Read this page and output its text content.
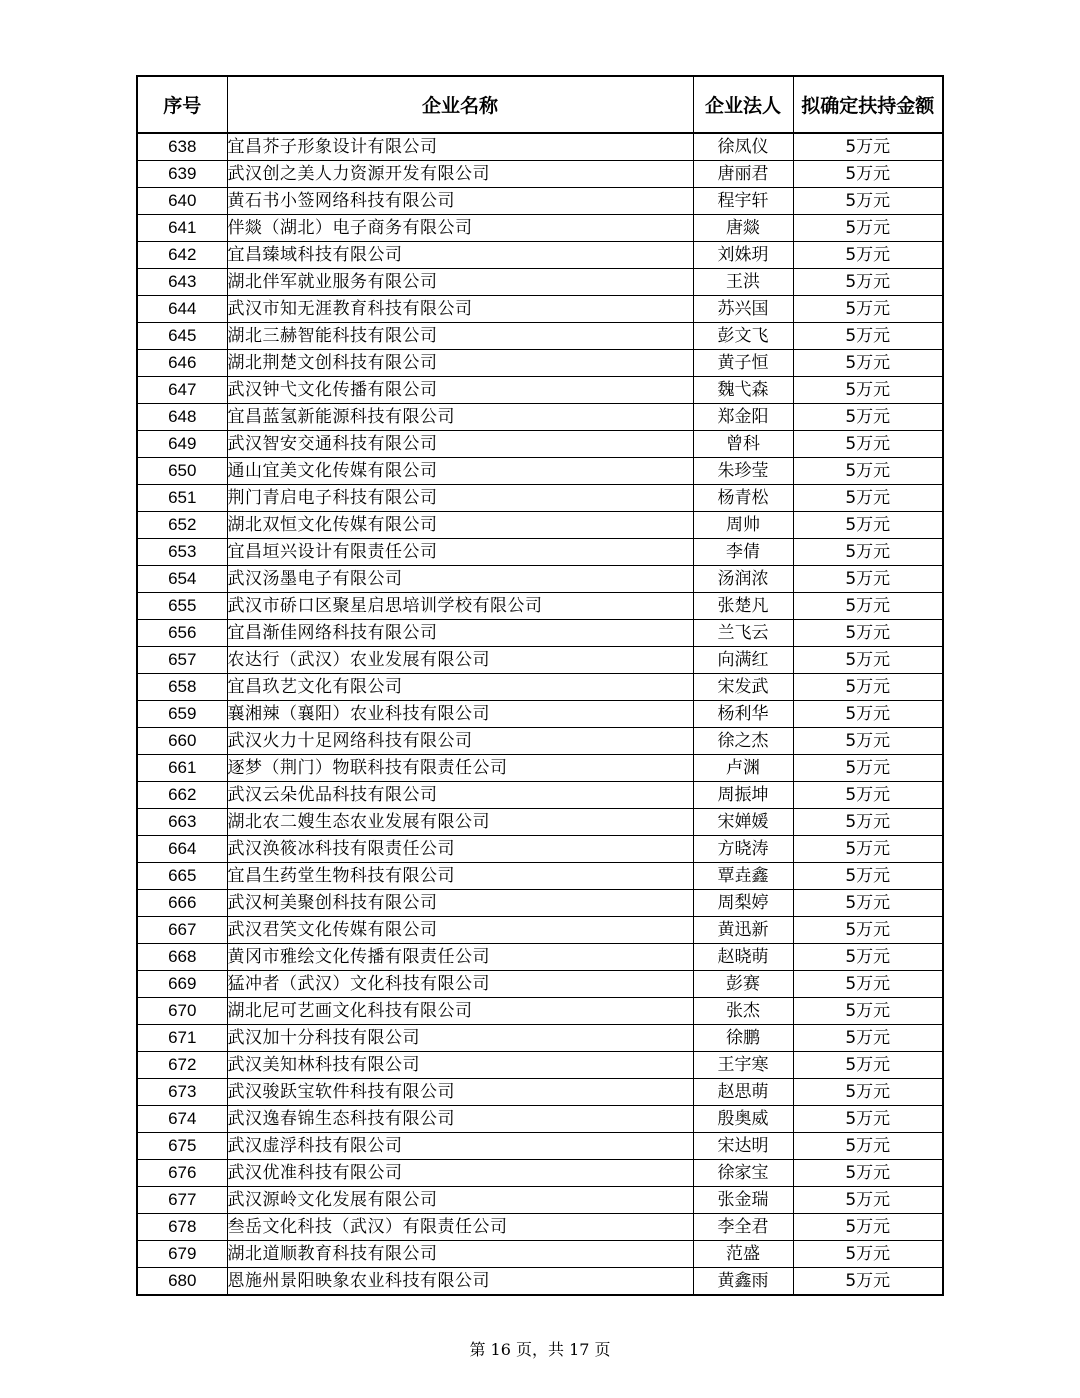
序号	企业名称	企业法人	拟确定扶持金额
638	宜昌芥子形象设计有限公司	徐凤仪	5万元
639	武汉创之美人力资源开发有限公司	唐丽君	5万元
640	黄石书小签网络科技有限公司	程宇轩	5万元
641	伴燚（湖北）电子商务有限公司	唐燚	5万元
642	宜昌臻域科技有限公司	刘姝玥	5万元
643	湖北伴军就业服务有限公司	王洪	5万元
644	武汉市知无涯教育科技有限公司	苏兴国	5万元
645	湖北三赫智能科技有限公司	彭文飞	5万元
646	湖北荆楚文创科技有限公司	黄子恒	5万元
647	武汉钟弋文化传播有限公司	魏弋森	5万元
648	宜昌蓝氢新能源科技有限公司	郑金阳	5万元
649	武汉智安交通科技有限公司	曾科	5万元
650	通山宜美文化传媒有限公司	朱珍莹	5万元
651	荆门青启电子科技有限公司	杨青松	5万元
652	湖北双恒文化传媒有限公司	周帅	5万元
653	宜昌垣兴设计有限责任公司	李倩	5万元
654	武汉汤墨电子有限公司	汤润浓	5万元
655	武汉市硚口区聚星启思培训学校有限公司	张楚凡	5万元
656	宜昌渐佳网络科技有限公司	兰飞云	5万元
657	农达行（武汉）农业发展有限公司	向满红	5万元
658	宜昌玖艺文化有限公司	宋发武	5万元
659	襄湘辣（襄阳）农业科技有限公司	杨利华	5万元
660	武汉火力十足网络科技有限公司	徐之杰	5万元
661	逐梦（荆门）物联科技有限责任公司	卢渊	5万元
662	武汉云朵优品科技有限公司	周振坤	5万元
663	湖北农二嫂生态农业发展有限公司	宋婵媛	5万元
664	武汉涣筱冰科技有限责任公司	方晓涛	5万元
665	宜昌生药堂生物科技有限公司	覃垚鑫	5万元
666	武汉柯美聚创科技有限公司	周梨婷	5万元
667	武汉君笑文化传媒有限公司	黄迅新	5万元
668	黄冈市雅绘文化传播有限责任公司	赵晓萌	5万元
669	猛冲者（武汉）文化科技有限公司	彭赛	5万元
670	湖北尼可艺画文化科技有限公司	张杰	5万元
671	武汉加十分科技有限公司	徐鹏	5万元
672	武汉美知林科技有限公司	王宇寒	5万元
673	武汉骏跃宝软件科技有限公司	赵思萌	5万元
674	武汉逸春锦生态科技有限公司	殷奥威	5万元
675	武汉虚浮科技有限公司	宋达明	5万元
676	武汉优准科技有限公司	徐家宝	5万元
677	武汉源岭文化发展有限公司	张金瑞	5万元
678	叁岳文化科技（武汉）有限责任公司	李全君	5万元
679	湖北道顺教育科技有限公司	范盛	5万元
680	恩施州景阳映象农业科技有限公司	黄鑫雨	5万元
第 16 页，共 17 页
